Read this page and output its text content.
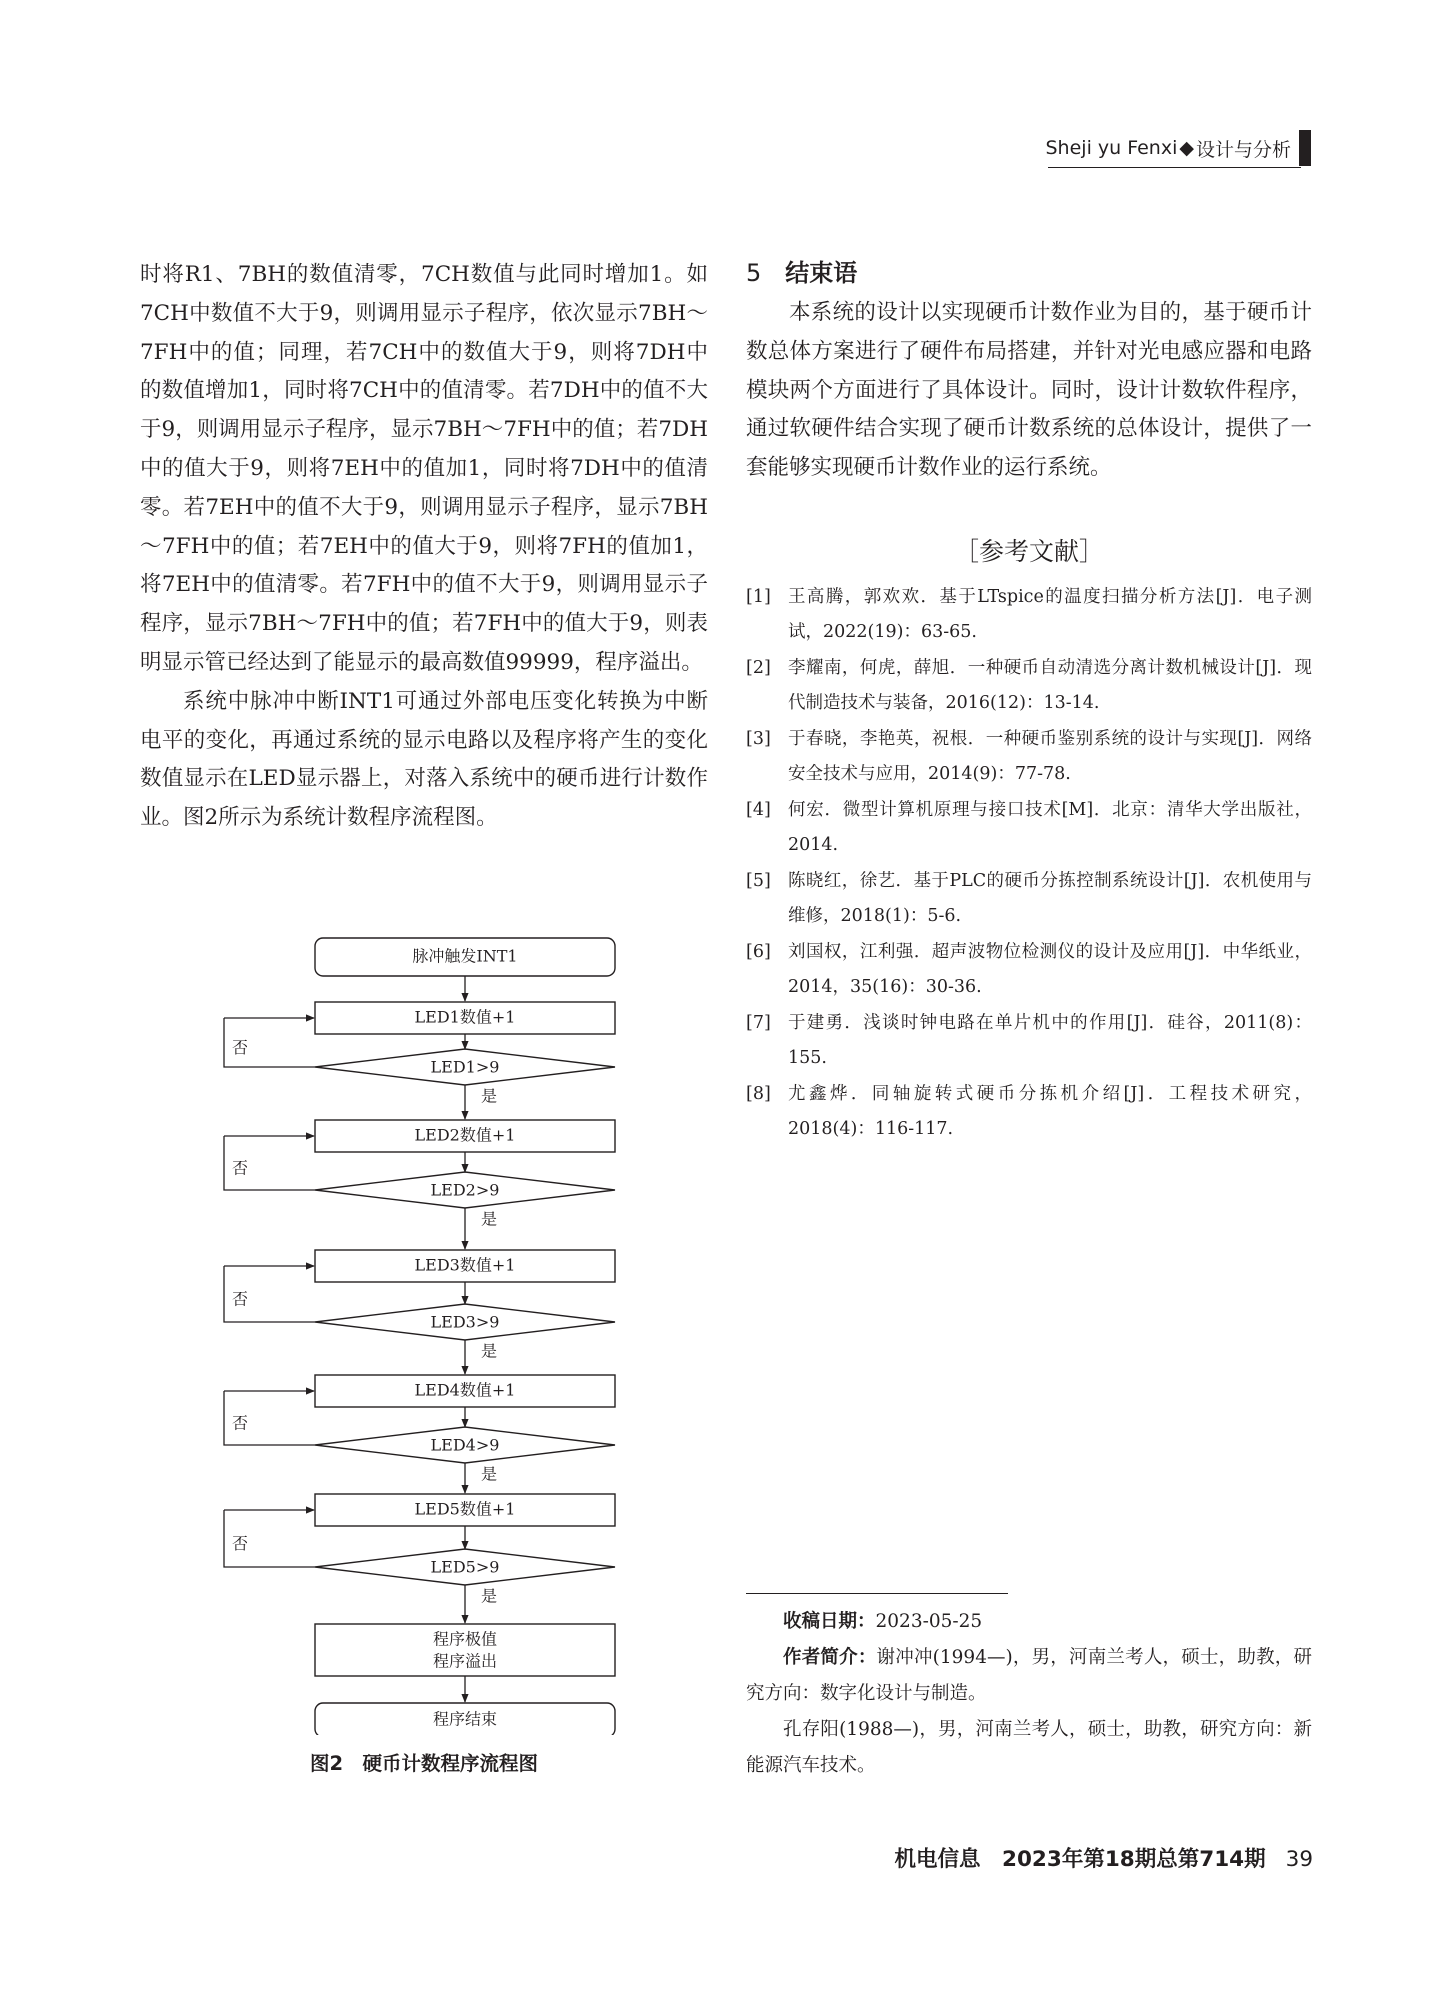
Sheji yu Fenxi ◆ 设计与分析

时将R1、7BH的数值清零，7CH数值与此同时增加1。如7CH中数值不大于9，则调用显示子程序，依次显示7BH～7FH中的值；同理，若7CH中的数值大于9，则将7DH中的数值增加1，同时将7CH中的值清零。若7DH中的值不大于9，则调用显示子程序，显示7BH～7FH中的值；若7DH中的值大于9，则将7EH中的值加1，同时将7DH中的值清零。若7EH中的值不大于9，则调用显示子程序，显示7BH～7FH中的值；若7EH中的值大于9，则将7FH的值加1，将7EH中的值清零。若7FH中的值不大于9，则调用显示子程序，显示7BH～7FH中的值；若7FH中的值大于9，则表明显示管已经达到了能显示的最高数值99999，程序溢出。

系统中脉冲中断INT1可通过外部电压变化转换为中断电平的变化，再通过系统的显示电路以及程序将产生的变化数值显示在LED显示器上，对落入系统中的硬币进行计数作业。图2所示为系统计数程序流程图。

脉冲触发INT1
LED1数值+1
LED1>9
否
是
LED2数值+1
LED2>9
否
是
LED3数值+1
LED3>9
否
是
LED4数值+1
LED4>9
否
是
LED5数值+1
LED5>9
否
是
程序极值
程序溢出
程序结束
图2　硬币计数程序流程图
5 结束语

本系统的设计以实现硬币计数作业为目的，基于硬币计数总体方案进行了硬件布局搭建，并针对光电感应器和电路模块两个方面进行了具体设计。同时，设计计数软件程序，通过软硬件结合实现了硬币计数系统的总体设计，提供了一套能够实现硬币计数作业的运行系统。

［参考文献］
[1] 王高腾，郭欢欢．基于LTspice的温度扫描分析方法[J]．电子测试，2022(19)：63-65.
[2] 李耀南，何虎，薛旭．一种硬币自动清选分离计数机械设计[J]．现代制造技术与装备，2016(12)：13-14.
[3] 于春晓，李艳英，祝根．一种硬币鉴别系统的设计与实现[J]．网络安全技术与应用，2014(9)：77-78.
[4] 何宏．微型计算机原理与接口技术[M]．北京：清华大学出版社，2014.
[5] 陈晓红，徐艺．基于PLC的硬币分拣控制系统设计[J]．农机使用与维修，2018(1)：5-6.
[6] 刘国权，江利强．超声波物位检测仪的设计及应用[J]．中华纸业，2014，35(16)：30-36.
[7] 于建勇．浅谈时钟电路在单片机中的作用[J]．硅谷，2011(8)：155.
[8] 尤鑫烨．同轴旋转式硬币分拣机介绍[J]．工程技术研究，2018(4)：116-117.

收稿日期：2023-05-25

作者简介：谢冲冲(1994—)，男，河南兰考人，硕士，助教，研究方向：数字化设计与制造。

孔存阳(1988—)，男，河南兰考人，硕士，助教，研究方向：新能源汽车技术。

机电信息　2023年第18期总第714期 39
